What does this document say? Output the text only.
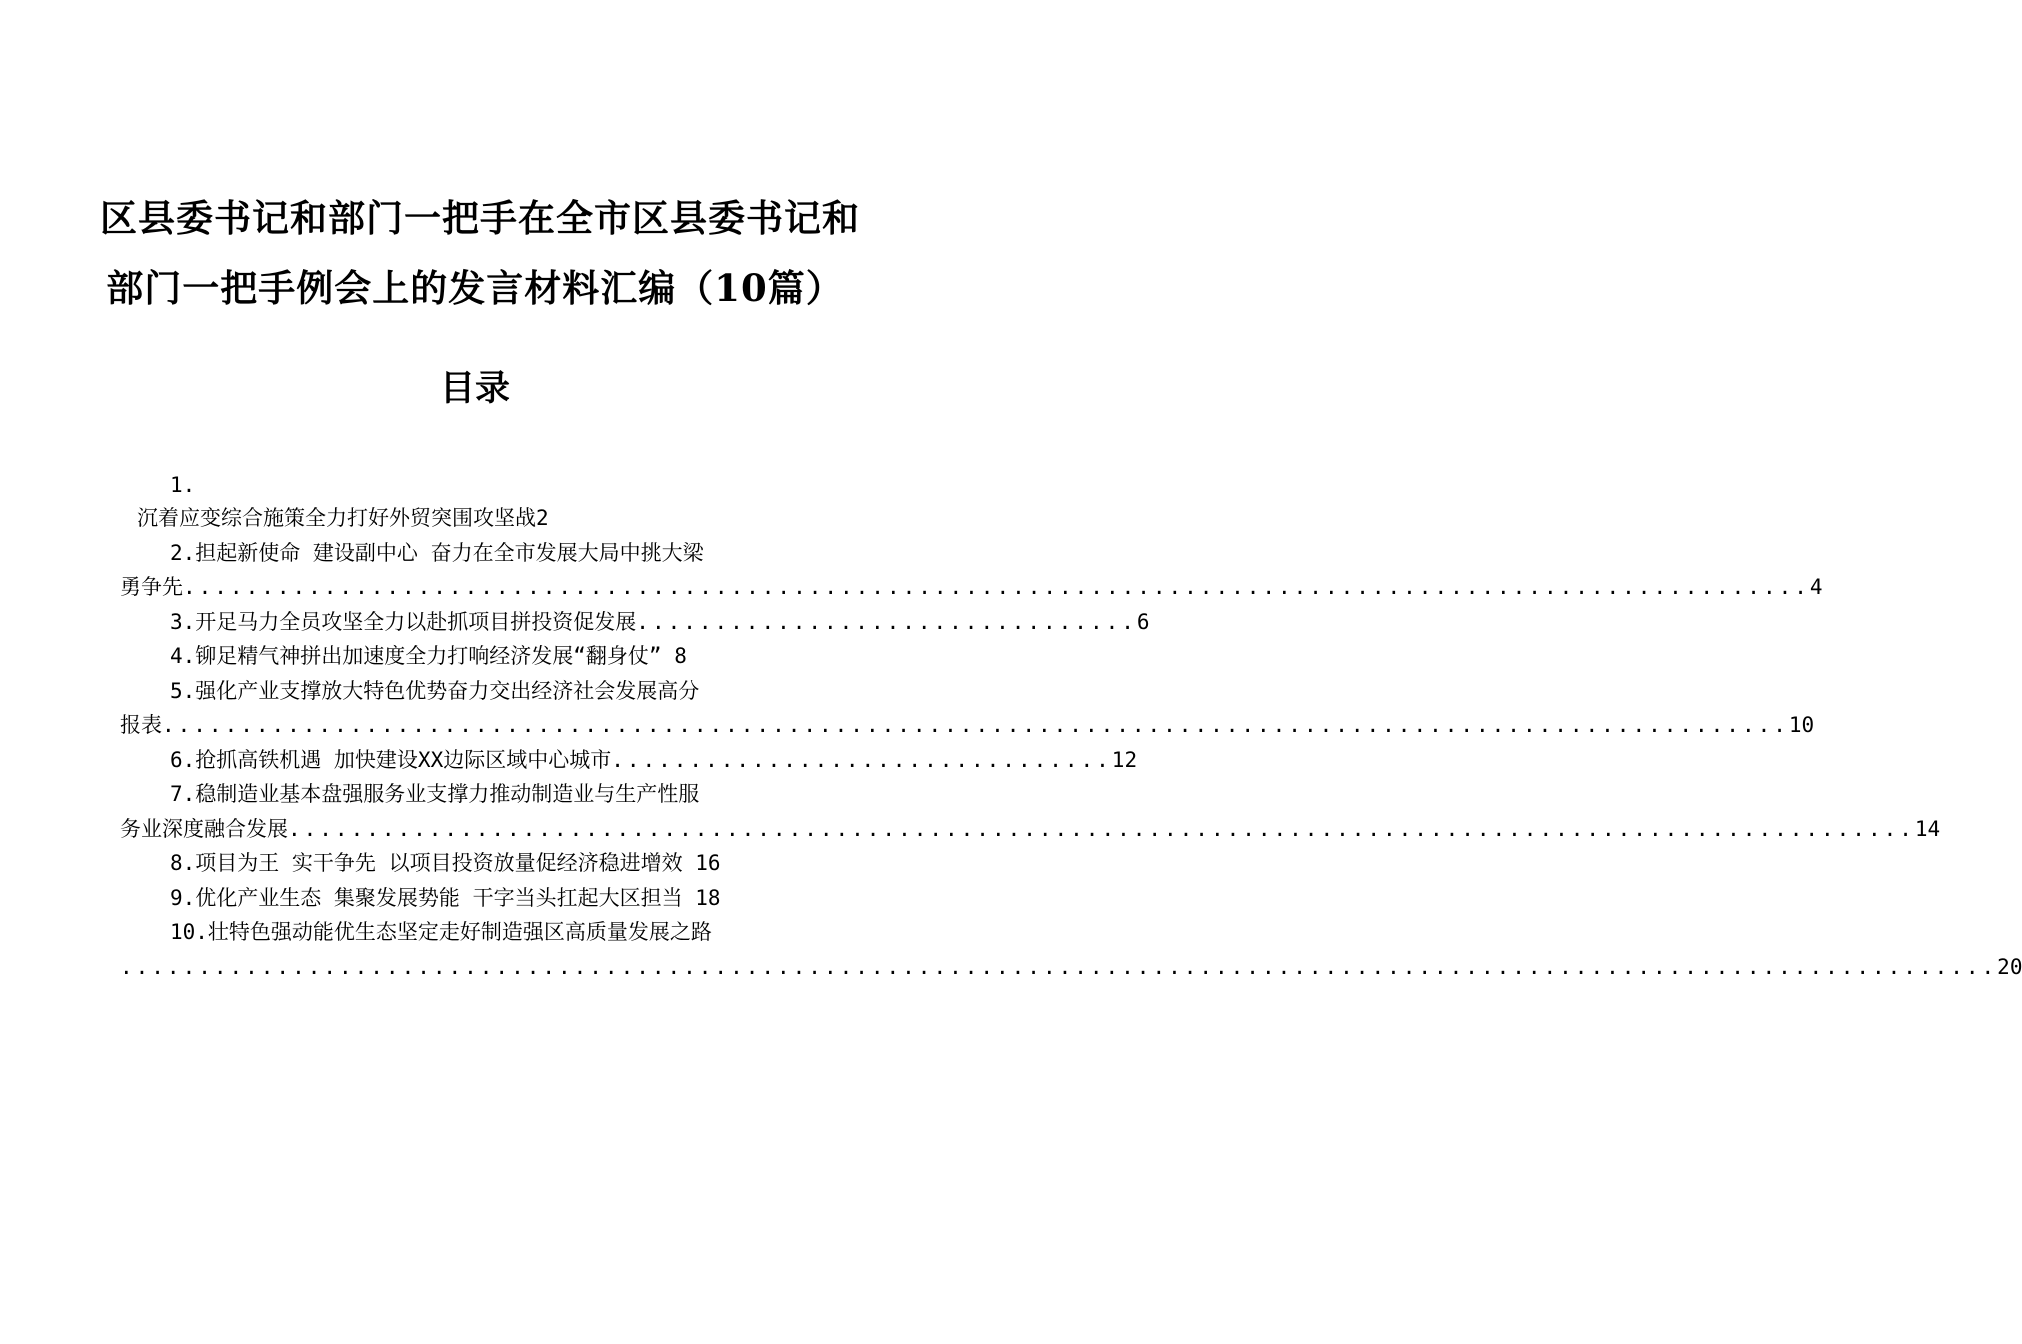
区县委书记和部门一把手在全市区县委书记和
部门一把手例会上的发言材料汇编（10篇）
目录
1.
沉着应变综合施策全力打好外贸突围攻坚战2
2.担起新使命 建设副中心 奋力在全市发展大局中挑大梁
勇争先 ........................................................................................................ 4
3.开足马力全员攻坚全力以赴抓项目拼投资促发展 ................................ 6
4.铆足精气神拼出加速度全力打响经济发展“翻身仗” 8
5.强化产业支撑放大特色优势奋力交出经济社会发展高分
报表 ........................................................................................................ 10
6.抢抓高铁机遇 加快建设XX边际区域中心城市 ................................ 12
7.稳制造业基本盘强服务业支撑力推动制造业与生产性服
务业深度融合发展 ........................................................................................................ 14
8.项目为王 实干争先 以项目投资放量促经济稳进增效 16
9.优化产业生态 集聚发展势能 干字当头扛起大区担当 18
10.壮特色强动能优生态坚定走好制造强区高质量发展之路
........................................................................................................................ 20
